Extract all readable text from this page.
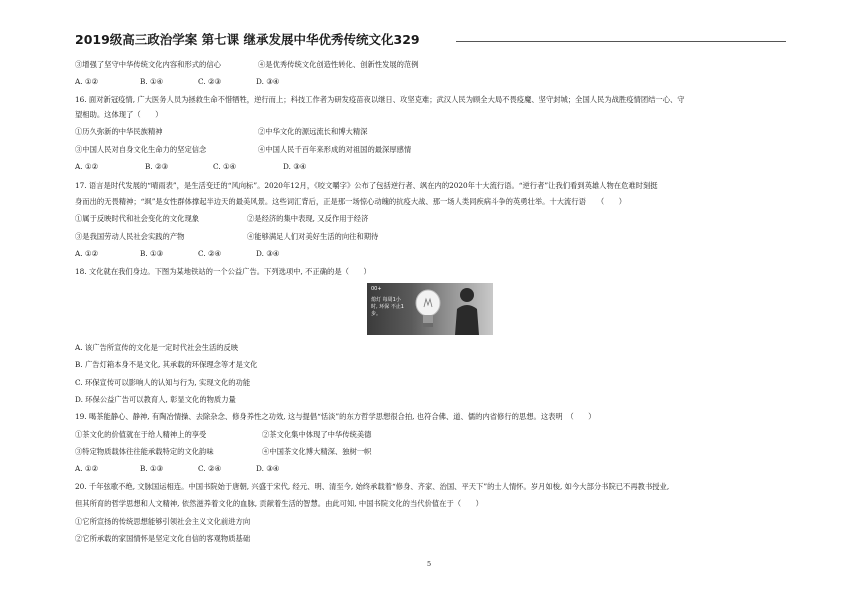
2019级高三政治学案 第七课 继承发展中华优秀传统文化329
③增强了坚守中华传统文化内容和形式的信心	④是优秀传统文化创造性转化、创新性发展的范例
A. ①②	B. ①④	C. ②③	D. ③④
16. 面对新冠疫情, 广大医务人员为拯救生命不惜牺牲，逆行而上；科技工作者为研发疫苗夜以继日、攻坚克难；武汉人民为顾全大局不畏疫魔、坚守封城；全国人民为战胜疫情团结一心、守
望相助。这体现了（　　）
①历久弥新的中华民族精神	②中华文化的源远流长和博大精深
③中国人民对自身文化生命力的坚定信念	④中国人民千百年来形成的对祖国的最深厚感情
A. ①②	B. ②③	C. ①④	D. ③④
17. 语言是时代发展的“晴雨表”，是生活变迁的“风向标”。2020年12月，《咬文嚼字》公布了包括逆行者、飒在内的2020年十大流行语。“逆行者”让我们看到英雄人物在危难时刻挺
身而出的无畏精神；“飒”是女性群体撑起半边天的最美风景。这些词汇背后，正是那一场惊心动魄的抗疫大战、那一场人类同疾病斗争的英勇壮举。十大流行语　　（　　）
①属于反映时代和社会变化的文化现象	②是经济的集中表现, 又反作用于经济
③是我国劳动人民社会实践的产物	④能够满足人们对美好生活的向往和期待
A. ①②	B. ①③	C. ②④	D. ③④
18. 文化就在我们身边。下图为某地铁站的一个公益广告。下列选项中, 不正确的是（　　）
00+
熄灯 每周1小时, 环保 不止1步。
A. 该广告所宣传的文化是一定时代社会生活的反映
B. 广告灯箱本身不是文化, 其承载的环保理念等才是文化
C. 环保宣传可以影响人的认知与行为, 实现文化的功能
D. 环保公益广告可以教育人, 彰显文化的物质力量
19. 喝茶能静心、静神, 有陶冶情操、去除杂念、修身养性之功效, 这与提倡“恬淡”的东方哲学思想很合拍, 也符合佛、道、儒的内省修行的思想。这表明　（　　）
①茶文化的价值就在于给人精神上的享受	②茶文化集中体现了中华传统美德
③特定物质载体往往能承载特定的文化韵味	④中国茶文化博大精深、独树一帜
A. ①②	B. ①③	C. ②④	D. ③④
20. 千年弦歌不绝, 文脉国运相连。中国书院始于唐朝, 兴盛于宋代, 经元、明、清至今, 始终承载着“修身、齐家、治国、平天下”的士人情怀。岁月如梭, 如今大部分书院已不再教书授业,
但其所育的哲学思想和人文精神, 依然滋养着文化的血脉, 贡献着生活的智慧。由此可知, 中国书院文化的当代价值在于（　　）
①它所宣扬的传统思想能够引领社会主义文化前进方向
②它所承载的家国情怀是坚定文化自信的客观物质基础
5
